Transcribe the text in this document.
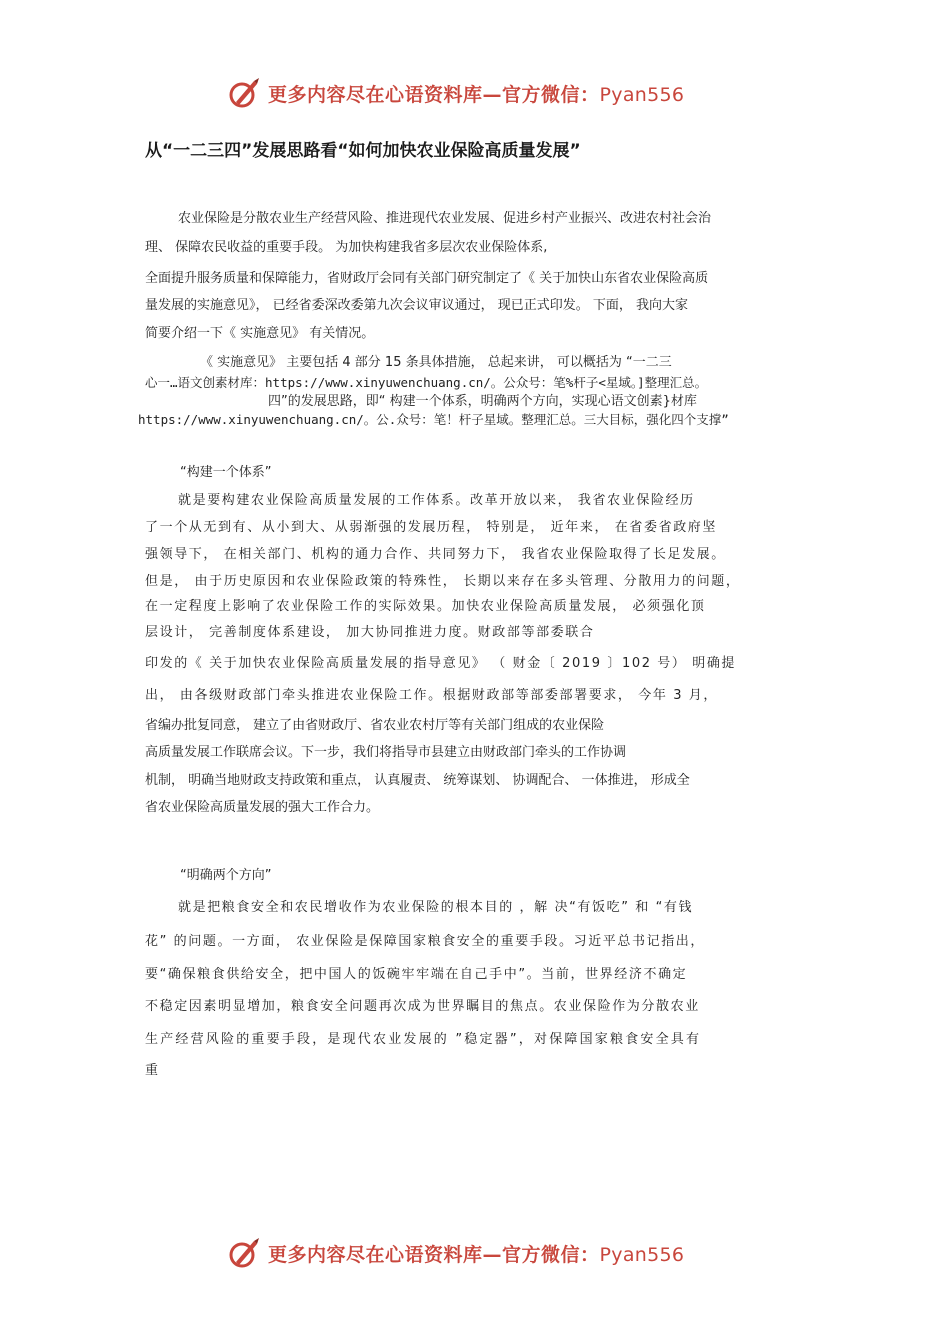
更多内容尽在心语资料库—官方微信：Pyan556
从“一二三四”发展思路看“如何加快农业保险高质量发展”
农业保险是分散农业生产经营风险、推进现代农业发展、促进乡村产业振兴、改进农村社会治
理、 保障农民收益的重要手段。 为加快构建我省多层次农业保险体系,
全面提升服务质量和保障能力，省财政厅会同有关部门研究制定了《 关于加快山东省农业保险高质
量发展的实施意见》， 已经省委深改委第九次会议审议通过， 现已正式印发。 下面， 我向大家
简要介绍一下《 实施意见》 有关情况。
《 实施意见》 主要包括 4 部分 15 条具体措施， 总起来讲， 可以概括为 “一二三
心一…语文创素材库：https://www.xinyuwenchuang.cn/。公众号：笔%杆子<星域。]整理汇总。
四”的发展思路，即“ 构建一个体系，明确两个方向，实现心语文创素}材库
https://www.xinyuwenchuang.cn/。公.众号：笔！杆子星域。整理汇总。三大目标，强化四个支撑”
“构建一个体系”
就是要构建农业保险高质量发展的工作体系。改革开放以来， 我省农业保险经历
了一个从无到有、从小到大、从弱渐强的发展历程， 特别是， 近年来， 在省委省政府坚
强领导下， 在相关部门、机构的通力合作、共同努力下， 我省农业保险取得了长足发展。
但是， 由于历史原因和农业保险政策的特殊性， 长期以来存在多头管理、分散用力的问题，
在一定程度上影响了农业保险工作的实际效果。加快农业保险高质量发展， 必须强化顶
层设计， 完善制度体系建设， 加大协同推进力度。财政部等部委联合
印发的《 关于加快农业保险高质量发展的指导意见》 （ 财金〔 2019 〕102 号） 明确提
出， 由各级财政部门牵头推进农业保险工作。根据财政部等部委部署要求， 今年 3 月，
省编办批复同意， 建立了由省财政厅、省农业农村厅等有关部门组成的农业保险
高质量发展工作联席会议。下一步，我们将指导市县建立由财政部门牵头的工作协调
机制， 明确当地财政支持政策和重点， 认真履责、 统筹谋划、 协调配合、 一体推进， 形成全
省农业保险高质量发展的强大工作合力。
“明确两个方向”
就是把粮食安全和农民增收作为农业保险的根本目的 ，解 决“有饭吃” 和 “有钱
花” 的问题。一方面， 农业保险是保障国家粮食安全的重要手段。习近平总书记指出，
要“确保粮食供给安全，把中国人的饭碗牢牢端在自己手中”。当前，世界经济不确定
不稳定因素明显增加，粮食安全问题再次成为世界瞩目的焦点。农业保险作为分散农业
生产经营风险的重要手段，是现代农业发展的 ”稳定器”，对保障国家粮食安全具有
重
更多内容尽在心语资料库—官方微信：Pyan556
